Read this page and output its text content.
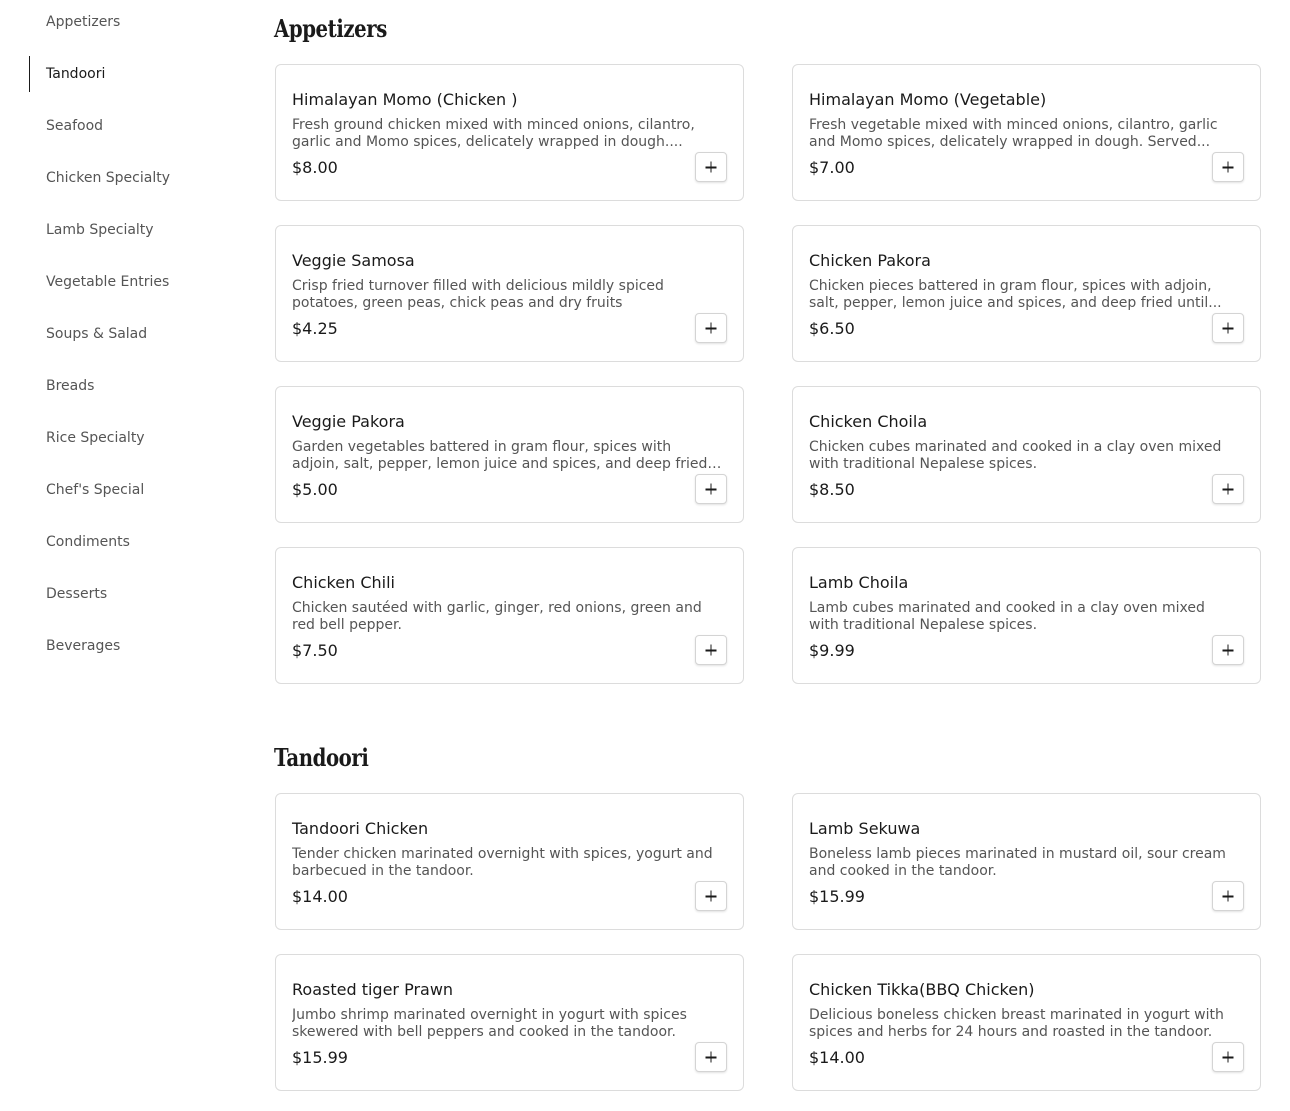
Appetizers
Tandoori
Seafood
Chicken Specialty
Lamb Specialty
Vegetable Entries
Soups & Salad
Breads
Rice Specialty
Chef's Special
Condiments
Desserts
Beverages
Appetizers
Himalayan Momo (Chicken )
Fresh ground chicken mixed with minced onions, cilantro, garlic and Momo spices, delicately wrapped in dough....
$8.00
Himalayan Momo (Vegetable)
Fresh vegetable mixed with minced onions, cilantro, garlic and Momo spices, delicately wrapped in dough. Served...
$7.00
Veggie Samosa
Crisp fried turnover filled with delicious mildly spiced potatoes, green peas, chick peas and dry fruits
$4.25
Chicken Pakora
Chicken pieces battered in gram flour, spices with adjoin, salt, pepper, lemon juice and spices, and deep fried until...
$6.50
Veggie Pakora
Garden vegetables battered in gram flour, spices with adjoin, salt, pepper, lemon juice and spices, and deep fried
$5.00
Chicken Choila
Chicken cubes marinated and cooked in a clay oven mixed with traditional Nepalese spices.
$8.50
Chicken Chili
Chicken sautéed with garlic, ginger, red onions, green and red bell pepper.
$7.50
Lamb Choila
Lamb cubes marinated and cooked in a clay oven mixed with traditional Nepalese spices.
$9.99
Tandoori
Tandoori Chicken
Tender chicken marinated overnight with spices, yogurt and barbecued in the tandoor.
$14.00
Lamb Sekuwa
Boneless lamb pieces marinated in mustard oil, sour cream and cooked in the tandoor.
$15.99
Roasted tiger Prawn
Jumbo shrimp marinated overnight in yogurt with spices skewered with bell peppers and cooked in the tandoor.
$15.99
Chicken Tikka(BBQ Chicken)
Delicious boneless chicken breast marinated in yogurt with spices and herbs for 24 hours and roasted in the tandoor.
$14.00
